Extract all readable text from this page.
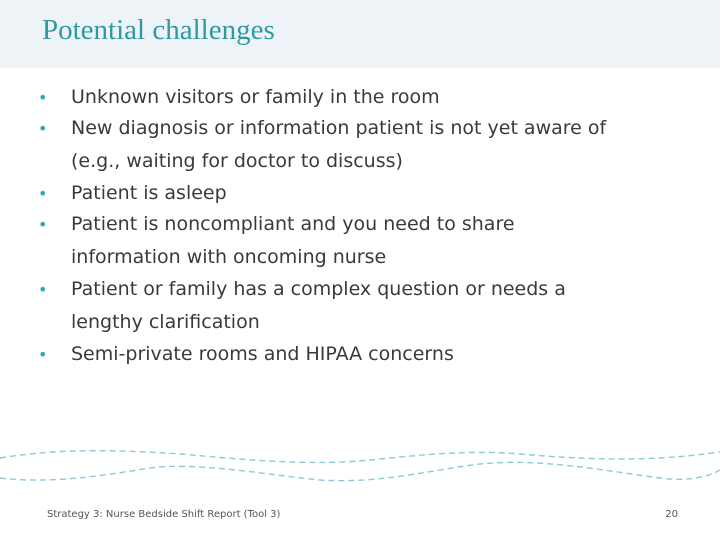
Potential challenges
• Unknown visitors or family in the room
• New diagnosis or information patient is not yet aware of
(e.g., waiting for doctor to discuss)
• Patient is asleep
• Patient is noncompliant and you need to share
information with oncoming nurse
• Patient or family has a complex question or needs a
lengthy clarification
• Semi-private rooms and HIPAA concerns
Strategy 3: Nurse Bedside Shift Report (Tool 3)	20
